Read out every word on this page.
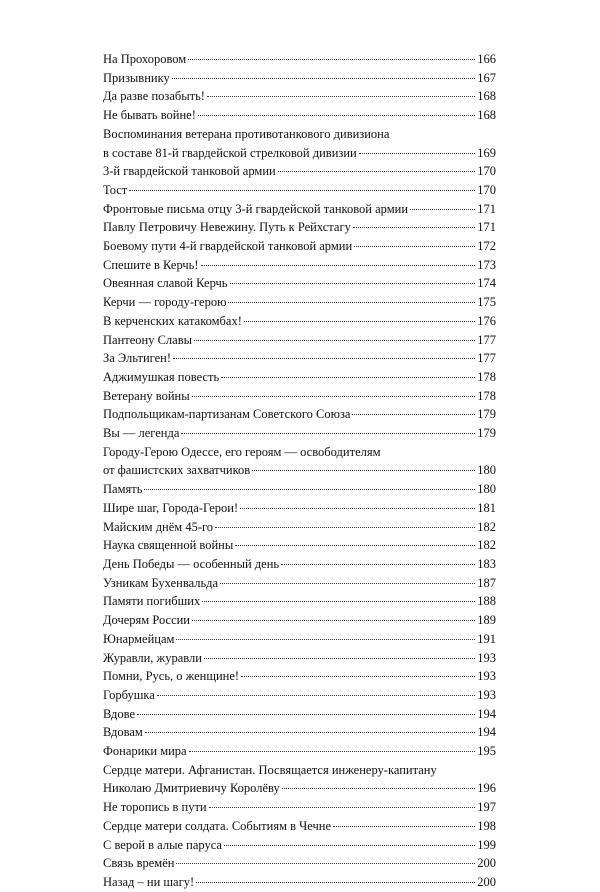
На Прохоровом	166
Призывнику	167
Да разве позабыть!	168
Не бывать войне!	168
Воспоминания ветерана противотанкового дивизиона
в составе 81-й гвардейской стрелковой дивизии	169
3-й гвардейской танковой армии	170
Тост	170
Фронтовые письма отцу 3-й гвардейской танковой армии	171
Павлу Петровичу Невежину. Путь к Рейхстагу	171
Боевому пути 4-й гвардейской танковой армии	172
Спешите в Керчь!	173
Овеянная славой Керчь	174
Керчи — городу-герою	175
В керченских катакомбах!	176
Пантеону Славы	177
За Эльтиген!	177
Аджимушкая повесть	178
Ветерану войны	178
Подпольщикам-партизанам Советского Союза	179
Вы — легенда	179
Городу-Герою Одессе, его героям — освободителям
от фашистских захватчиков	180
Память	180
Шире шаг, Города-Герои!	181
Майским днём 45-го	182
Наука священной войны	182
День Победы — особенный день	183
Узникам Бухенвальда	187
Памяти погибших	188
Дочерям России	189
Юнармейцам	191
Журавли, журавли	193
Помни, Русь, о женщине!	193
Горбушка	193
Вдове	194
Вдовам	194
Фонарики мира	195
Сердце матери. Афганистан. Посвящается инженеру-капитану
Николаю Дмитриевичу Королёву	196
Не торопись в пути	197
Сердце матери солдата. Событиям в Чечне	198
С верой в алые паруса	199
Связь времён	200
Назад – ни шагу!	200
